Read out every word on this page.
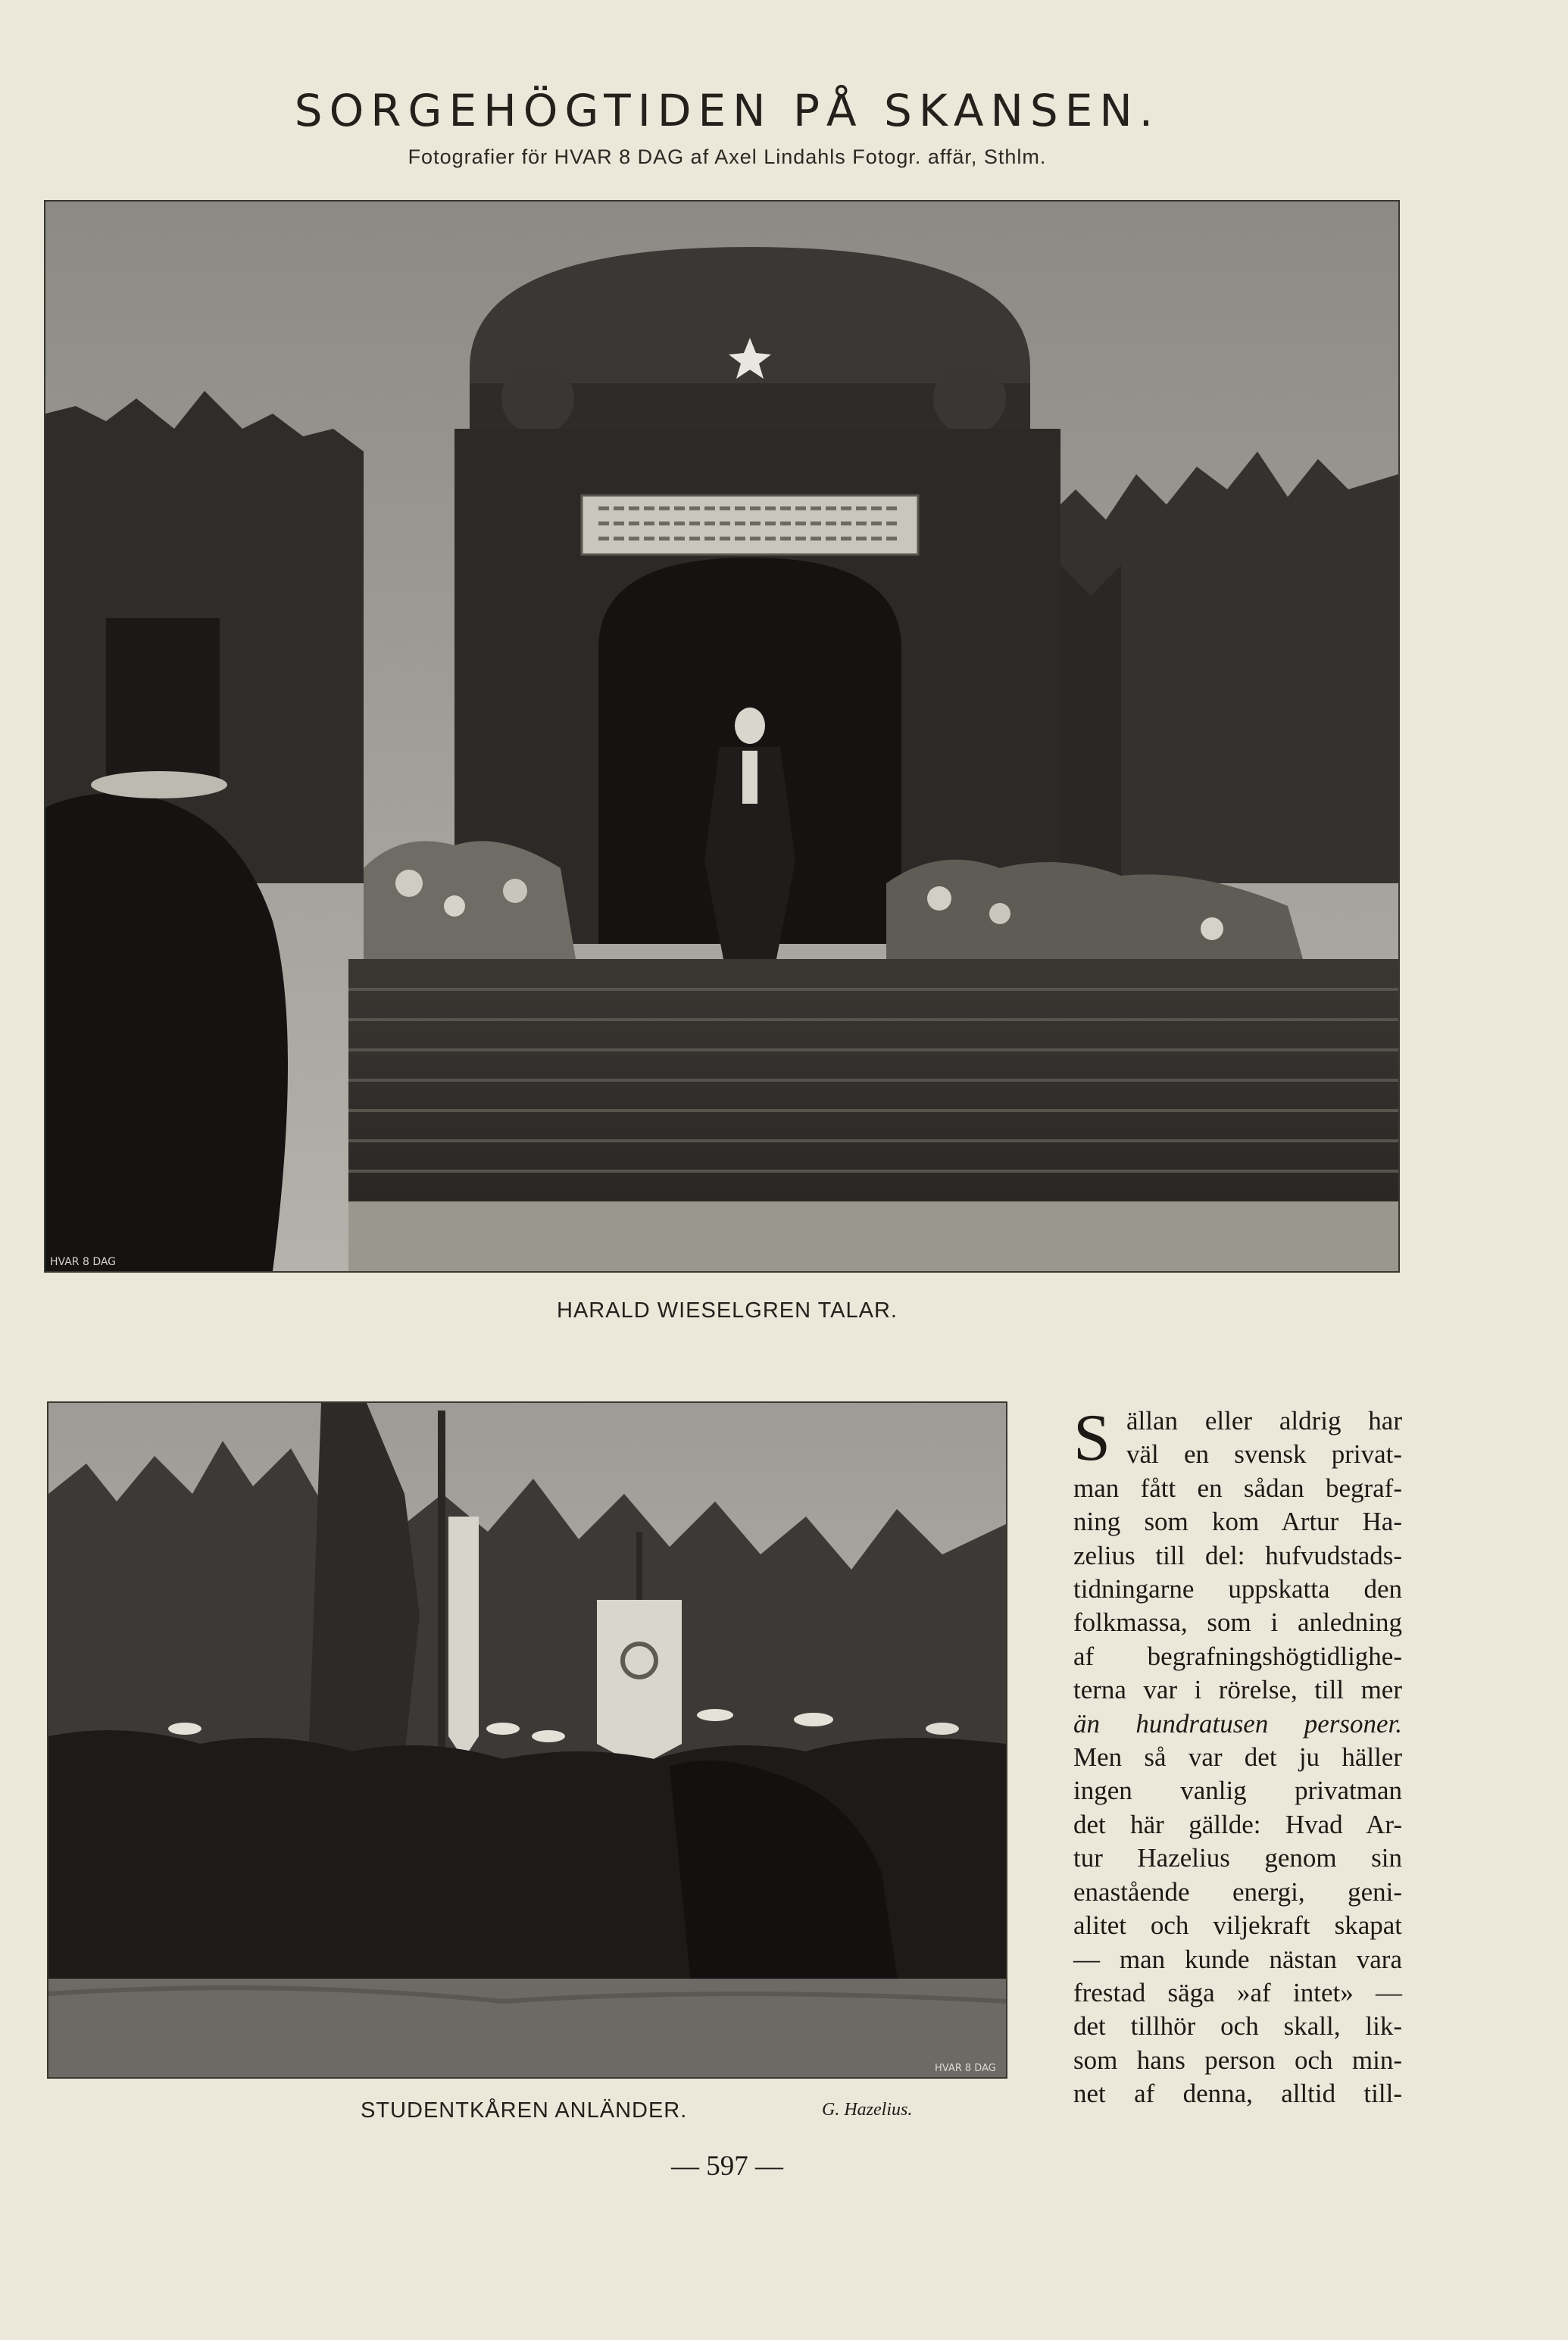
SORGEHÖGTIDEN PÅ SKANSEN.
Fotografier för HVAR 8 DAG af Axel Lindahls Fotogr. affär, Sthlm.
HVAR 8 DAG
HARALD WIESELGREN TALAR.
HVAR 8 DAG
STUDENTKÅREN ANLÄNDER.	G. Hazelius.
S ällan eller aldrig har
väl en svensk privat-
man fått en sådan begraf-
ning som kom Artur Ha-
zelius till del: hufvudstads-
tidningarne uppskatta den
folkmassa, som i anledning
af begrafningshögtidlighe-
terna var i rörelse, till mer
än hundratusen personer.
Men så var det ju häller
ingen vanlig privatman
det här gällde: Hvad Ar-
tur Hazelius genom sin
enastående energi, geni-
alitet och viljekraft skapat
— man kunde nästan vara
frestad säga »af intet» —
det tillhör och skall, lik-
som hans person och min-
net af denna, alltid till-
— 597 —
